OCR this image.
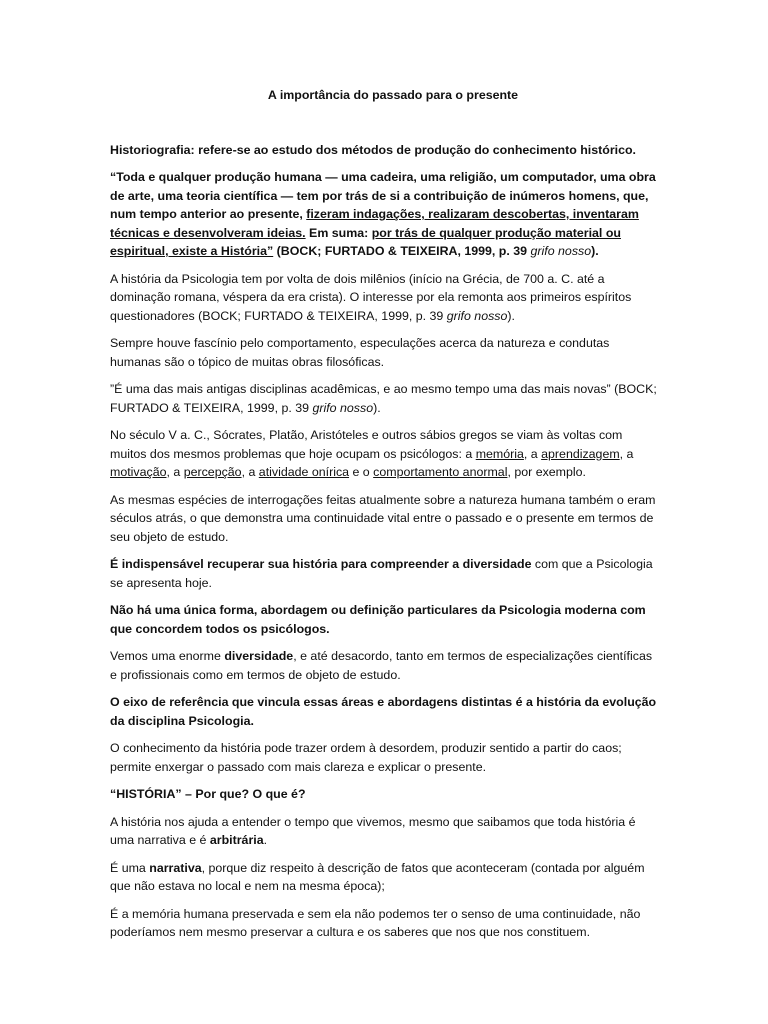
A importância do passado para o presente

Historiografia: refere-se ao estudo dos métodos de produção do conhecimento histórico.

“Toda e qualquer produção humana — uma cadeira, uma religião, um computador, uma obra de arte, uma teoria científica — tem por trás de si a contribuição de inúmeros homens, que, num tempo anterior ao presente, fizeram indagações, realizaram descobertas, inventaram técnicas e desenvolveram ideias. Em suma: por trás de qualquer produção material ou espiritual, existe a História” (BOCK; FURTADO & TEIXEIRA, 1999, p. 39 grifo nosso).

A história da Psicologia tem por volta de dois milênios (início na Grécia, de 700 a. C. até a dominação romana, véspera da era crista). O interesse por ela remonta aos primeiros espíritos questionadores (BOCK; FURTADO & TEIXEIRA, 1999, p. 39 grifo nosso).

Sempre houve fascínio pelo comportamento, especulações acerca da natureza e condutas humanas são o tópico de muitas obras filosóficas.

”É uma das mais antigas disciplinas acadêmicas, e ao mesmo tempo uma das mais novas” (BOCK; FURTADO & TEIXEIRA, 1999, p. 39 grifo nosso).

No século V a. C., Sócrates, Platão, Aristóteles e outros sábios gregos se viam às voltas com muitos dos mesmos problemas que hoje ocupam os psicólogos: a memória, a aprendizagem, a motivação, a percepção, a atividade onírica e o comportamento anormal, por exemplo.

As mesmas espécies de interrogações feitas atualmente sobre a natureza humana também o eram séculos atrás, o que demonstra uma continuidade vital entre o passado e o presente em termos de seu objeto de estudo.

É indispensável recuperar sua história para compreender a diversidade com que a Psicologia se apresenta hoje.

Não há uma única forma, abordagem ou definição particulares da Psicologia moderna com que concordem todos os psicólogos.

Vemos uma enorme diversidade, e até desacordo, tanto em termos de especializações científicas e profissionais como em termos de objeto de estudo.

O eixo de referência que vincula essas áreas e abordagens distintas é a história da evolução da disciplina Psicologia.

O conhecimento da história pode trazer ordem à desordem, produzir sentido a partir do caos; permite enxergar o passado com mais clareza e explicar o presente.

“HISTÓRIA” – Por que? O que é?

A história nos ajuda a entender o tempo que vivemos, mesmo que saibamos que toda história é uma narrativa e é arbitrária.

É uma narrativa, porque diz respeito à descrição de fatos que aconteceram (contada por alguém que não estava no local e nem na mesma época);

É a memória humana preservada e sem ela não podemos ter o senso de uma continuidade, não poderíamos nem mesmo preservar a cultura e os saberes que nos que nos constituem.
